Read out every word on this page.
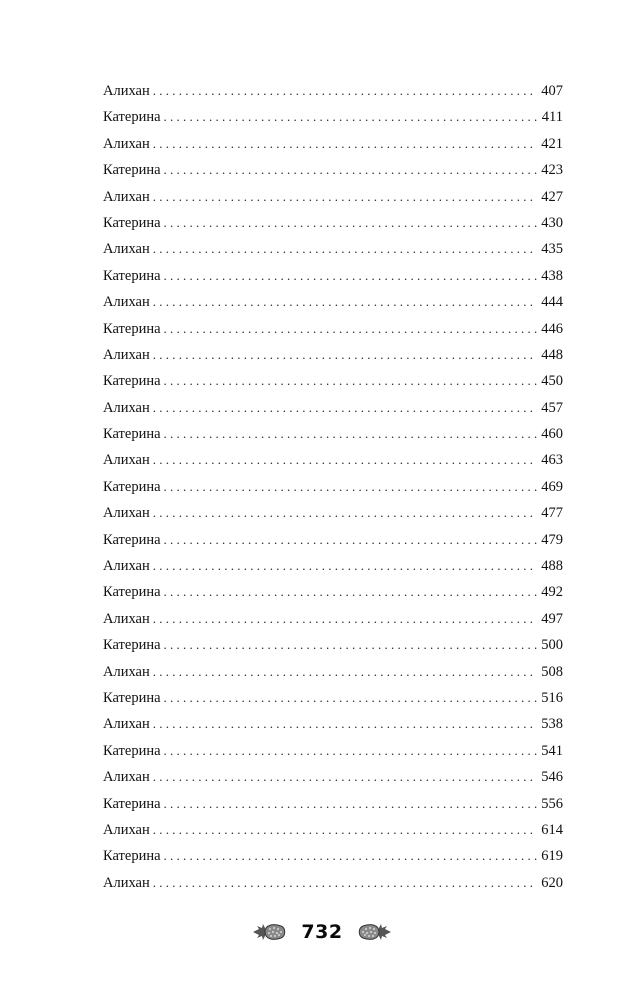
Алихан . . .	407
Катерина . . .	411
Алихан . . .	421
Катерина . . .	423
Алихан . . .	427
Катерина . . .	430
Алихан . . .	435
Катерина . . .	438
Алихан . . .	444
Катерина . . .	446
Алихан . . .	448
Катерина . . .	450
Алихан . . .	457
Катерина . . .	460
Алихан . . .	463
Катерина . . .	469
Алихан . . .	477
Катерина . . .	479
Алихан . . .	488
Катерина . . .	492
Алихан . . .	497
Катерина . . .	500
Алихан . . .	508
Катерина . . .	516
Алихан . . .	538
Катерина . . .	541
Алихан . . .	546
Катерина . . .	556
Алихан . . .	614
Катерина . . .	619
Алихан . . .	620
732
